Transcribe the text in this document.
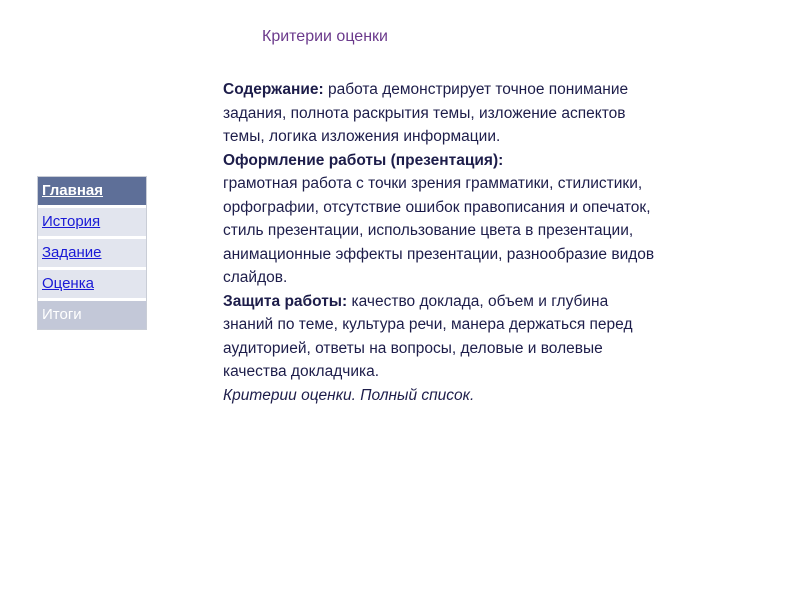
Критерии оценки
Главная
История
Задание
Оценка
Итоги
Содержание: работа демонстрирует точное понимание задания, полнота раскрытия темы, изложение аспектов темы, логика изложения информации.
Оформление работы (презентация):
грамотная работа с точки зрения грамматики, стилистики, орфографии, отсутствие ошибок правописания и опечаток, стиль презентации, использование цвета в презентации, анимационные эффекты презентации, разнообразие видов слайдов.
Защита работы: качество доклада, объем и глубина знаний по теме, культура речи, манера держаться перед аудиторией, ответы на вопросы, деловые и волевые качества докладчика.
Критерии оценки. Полный список.
